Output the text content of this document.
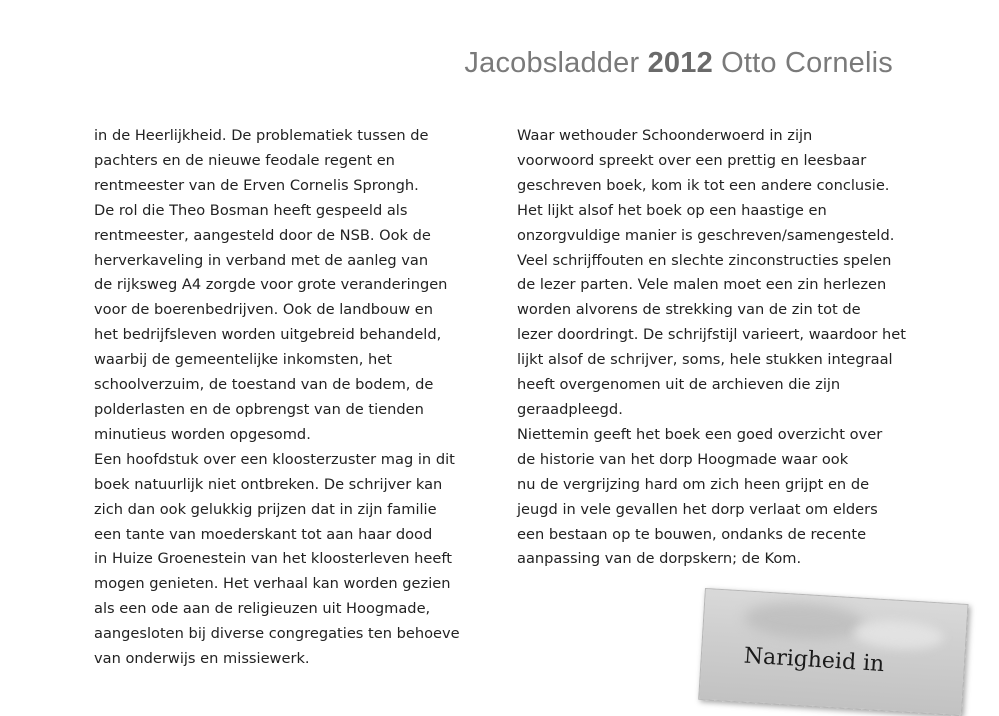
Jacobsladder 2012 Otto Cornelis
in de Heerlijkheid. De problematiek tussen de
pachters en de nieuwe feodale regent en
rentmeester van de Erven Cornelis Sprongh.
De rol die Theo Bosman heeft gespeeld als
rentmeester, aangesteld door de NSB. Ook de
herverkaveling in verband met de aanleg van
de rijksweg A4 zorgde voor grote veranderingen
voor de boerenbedrijven. Ook de landbouw en
het bedrijfsleven worden uitgebreid behandeld,
waarbij de gemeentelijke inkomsten, het
schoolverzuim, de toestand van de bodem, de
polderlasten en de opbrengst van de tienden
minutieus worden opgesomd.
Een hoofdstuk over een kloosterzuster mag in dit
boek natuurlijk niet ontbreken. De schrijver kan
zich dan ook gelukkig prijzen dat in zijn familie
een tante van moederskant tot aan haar dood
in Huize Groenestein van het kloosterleven heeft
mogen genieten. Het verhaal kan worden gezien
als een ode aan de religieuzen uit Hoogmade,
aangesloten bij diverse congregaties ten behoeve
van onderwijs en missiewerk.
Waar wethouder Schoonderwoerd in zijn
voorwoord spreekt over een prettig en leesbaar
geschreven boek, kom ik tot een andere conclusie.
Het lijkt alsof het boek op een haastige en
onzorgvuldige manier is geschreven/samengesteld.
Veel schrijffouten en slechte zinconstructies spelen
de lezer parten. Vele malen moet een zin herlezen
worden alvorens de strekking van de zin tot de
lezer doordringt. De schrijfstijl varieert, waardoor het
lijkt alsof de schrijver, soms, hele stukken integraal
heeft overgenomen uit de archieven die zijn
geraadpleegd.
Niettemin geeft het boek een goed overzicht over
de historie van het dorp Hoogmade waar ook
nu de vergrijzing hard om zich heen grijpt en de
jeugd in vele gevallen het dorp verlaat om elders
een bestaan op te bouwen, ondanks de recente
aanpassing van de dorpskern; de Kom.
Narigheid in
